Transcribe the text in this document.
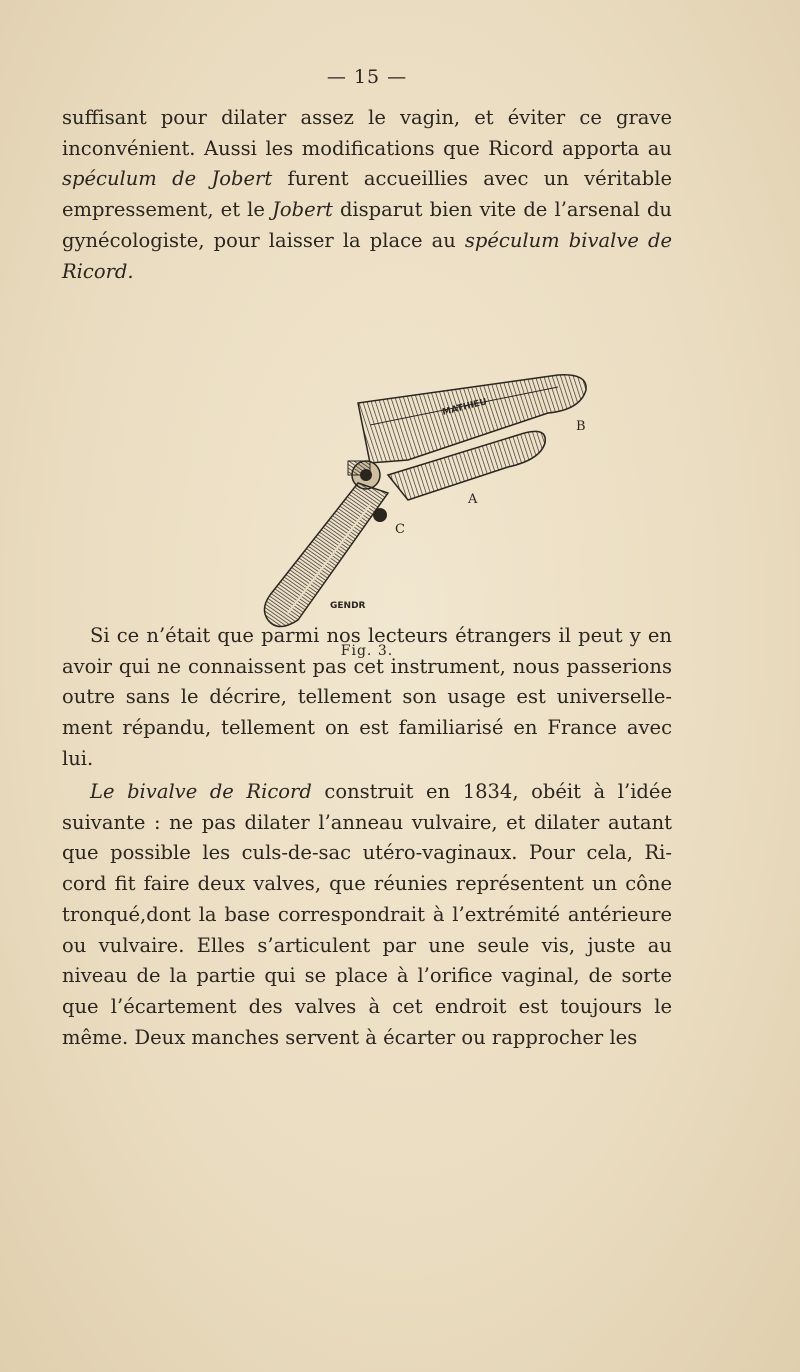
— 15 —

suffisant pour dilater assez le vagin, et éviter ce grave inconvénient. Aussi les modifications que Ricord apporta au spéculum de Jobert furent accueillies avec un véritable empressement, et le Jobert disparut bien vite de l’arsenal du gynécologiste, pour laisser la place au spéculum bivalve de Ricord.

B
A
C
MATHIEU
GENDR
Fig. 3.

Si ce n’était que parmi nos lecteurs étrangers il peut y en avoir qui ne connaissent pas cet instrument, nous passerions outre sans le décrire, tellement son usage est universelle-ment répandu, tellement on est familiarisé en France avec lui.

Le bivalve de Ricord construit en 1834, obéit à l’idée suivante : ne pas dilater l’anneau vulvaire, et dilater autant que possible les culs-de-sac utéro-vaginaux. Pour cela, Ri-cord fit faire deux valves, que réunies représentent un cône tronqué,dont la base correspondrait à l’extrémité antérieure ou vulvaire. Elles s’articulent par une seule vis, juste au niveau de la partie qui se place à l’orifice vaginal, de sorte que l’écartement des valves à cet endroit est toujours le même. Deux manches servent à écarter ou rapprocher les
